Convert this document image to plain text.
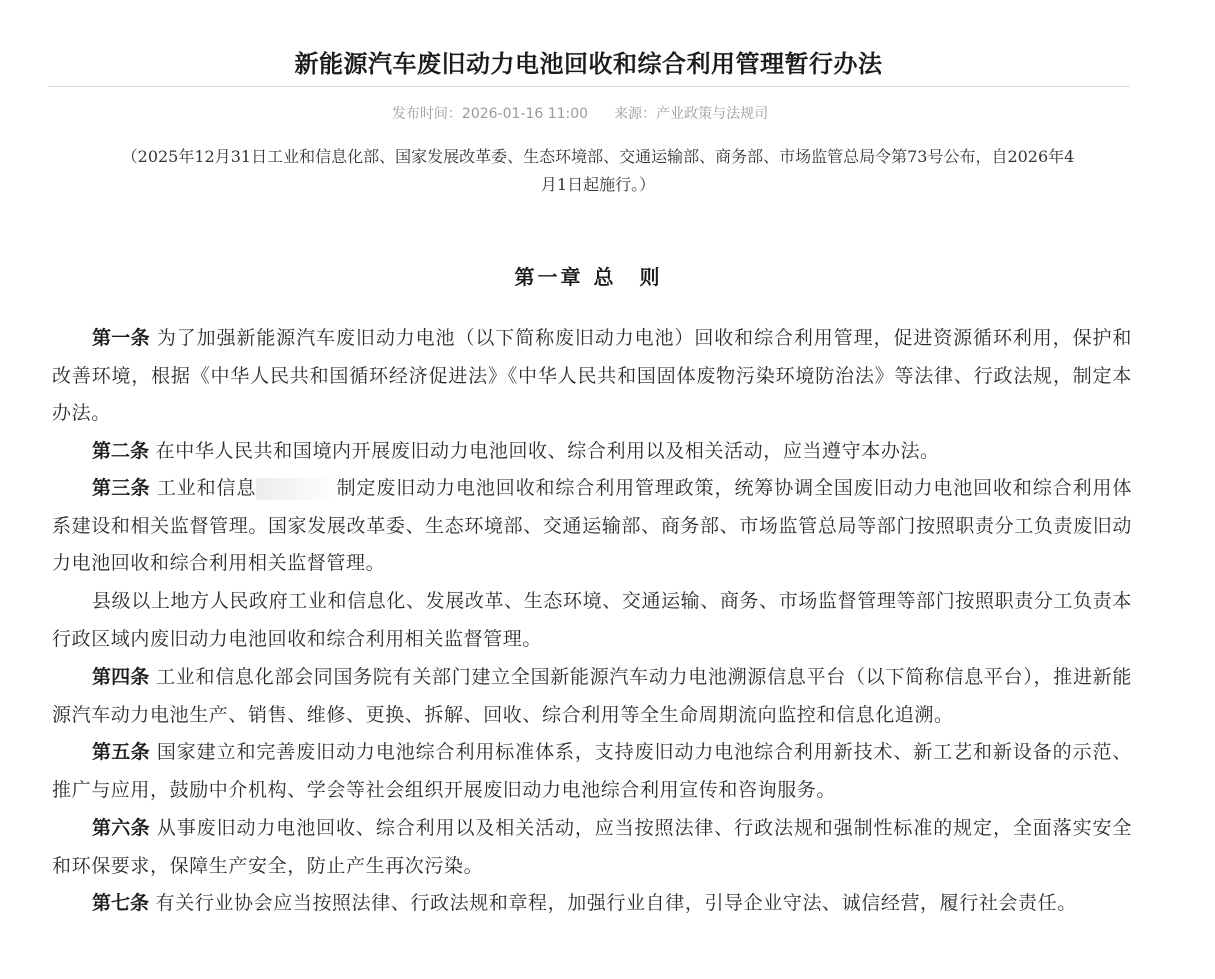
新能源汽车废旧动力电池回收和综合利用管理暂行办法
发布时间：2026-01-16 11:00 来源：产业政策与法规司
（2025年12月31日工业和信息化部、国家发展改革委、生态环境部、交通运输部、商务部、市场监管总局令第73号公布，自2026年4
月1日起施行。）
第一章 总　则

第一条 为了加强新能源汽车废旧动力电池（以下简称废旧动力电池）回收和综合利用管理，促进资源循环利用，保护和改善环境，根据《中华人民共和国循环经济促进法》《中华人民共和国固体废物污染环境防治法》等法律、行政法规，制定本办法。

第二条 在中华人民共和国境内开展废旧动力电池回收、综合利用以及相关活动，应当遵守本办法。

第三条 工业和信息	制定废旧动力电池回收和综合利用管理政策，统筹协调全国废旧动力电池回收和综合利用体系建设和相关监督管理。国家发展改革委、生态环境部、交通运输部、商务部、市场监管总局等部门按照职责分工负责废旧动力电池回收和综合利用相关监督管理。

县级以上地方人民政府工业和信息化、发展改革、生态环境、交通运输、商务、市场监督管理等部门按照职责分工负责本行政区域内废旧动力电池回收和综合利用相关监督管理。

第四条 工业和信息化部会同国务院有关部门建立全国新能源汽车动力电池溯源信息平台（以下简称信息平台），推进新能源汽车动力电池生产、销售、维修、更换、拆解、回收、综合利用等全生命周期流向监控和信息化追溯。

第五条 国家建立和完善废旧动力电池综合利用标准体系，支持废旧动力电池综合利用新技术、新工艺和新设备的示范、推广与应用，鼓励中介机构、学会等社会组织开展废旧动力电池综合利用宣传和咨询服务。

第六条 从事废旧动力电池回收、综合利用以及相关活动，应当按照法律、行政法规和强制性标准的规定，全面落实安全和环保要求，保障生产安全，防止产生再次污染。

第七条 有关行业协会应当按照法律、行政法规和章程，加强行业自律，引导企业守法、诚信经营，履行社会责任。
